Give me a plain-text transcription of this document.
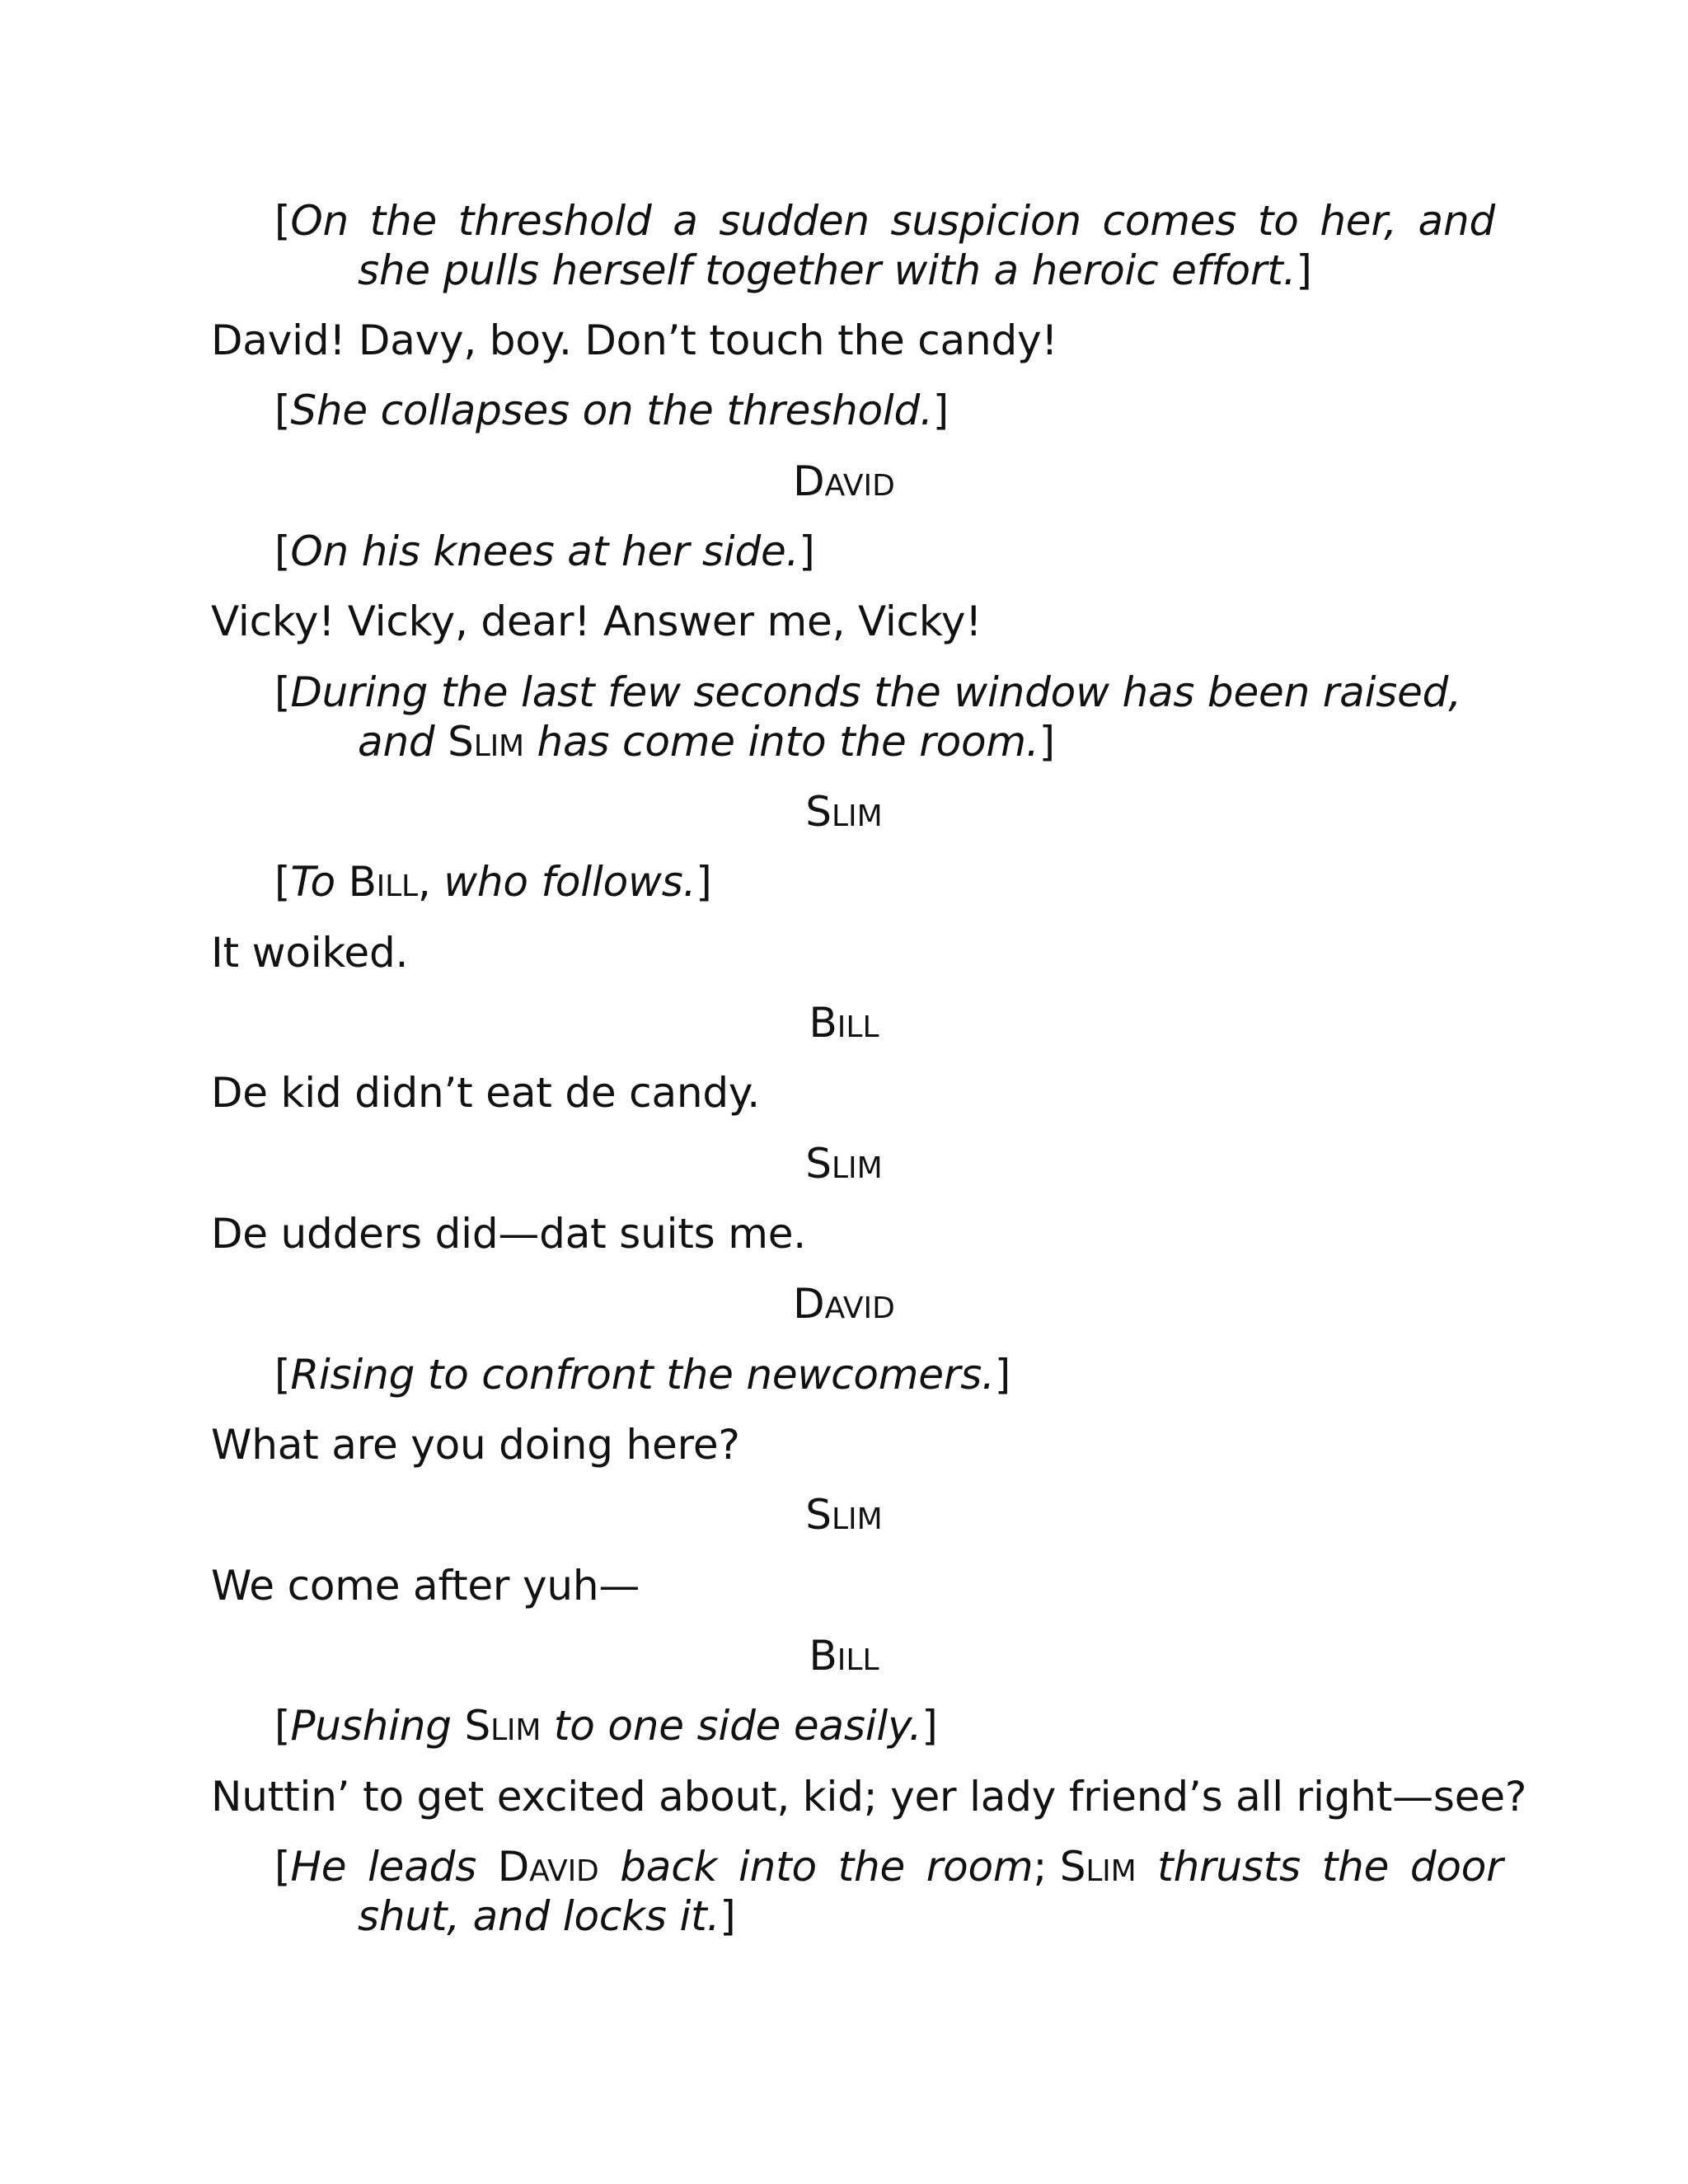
[On the threshold a sudden suspicion comes to her, and
she pulls herself together with a heroic effort.]
David! Davy, boy. Don’t touch the candy!
[She collapses on the threshold.]
DAVID
[On his knees at her side.]
Vicky! Vicky, dear! Answer me, Vicky!
[During the last few seconds the window has been raised,
and SLIM has come into the room.]
SLIM
[To BILL, who follows.]
It woiked.
BILL
De kid didn’t eat de candy.
SLIM
De udders did—dat suits me.
DAVID
[Rising to confront the newcomers.]
What are you doing here?
SLIM
We come after yuh—
BILL
[Pushing SLIM to one side easily.]
Nuttin’ to get excited about, kid; yer lady friend’s all right—see?
[He leads DAVID back into the room; SLIM thrusts the door
shut, and locks it.]
